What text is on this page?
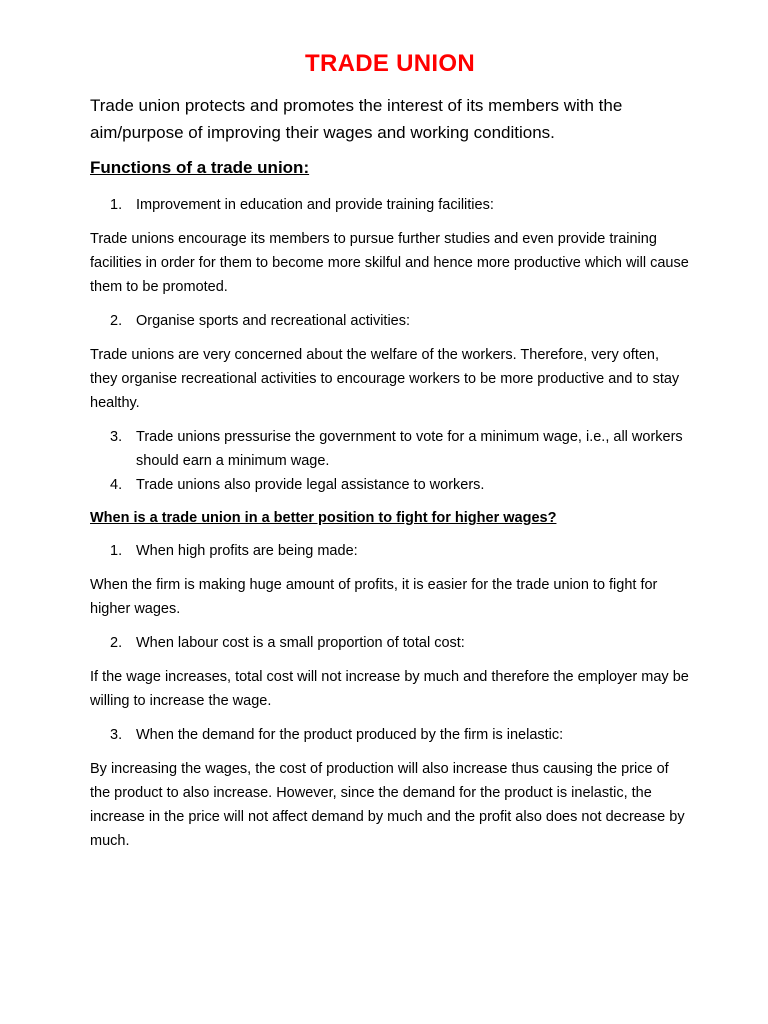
TRADE UNION
Trade union protects and promotes the interest of its members with the aim/purpose of improving their wages and working conditions.
Functions of a trade union:
1. Improvement in education and provide training facilities:
Trade unions encourage its members to pursue further studies and even provide training facilities in order for them to become more skilful and hence more productive which will cause them to be promoted.
2. Organise sports and recreational activities:
Trade unions are very concerned about the welfare of the workers. Therefore, very often, they organise recreational activities to encourage workers to be more productive and to stay healthy.
3. Trade unions pressurise the government to vote for a minimum wage, i.e., all workers should earn a minimum wage.
4. Trade unions also provide legal assistance to workers.
When is a trade union in a better position to fight for higher wages?
1. When high profits are being made:
When the firm is making huge amount of profits, it is easier for the trade union to fight for higher wages.
2. When labour cost is a small proportion of total cost:
If the wage increases, total cost will not increase by much and therefore the employer may be willing to increase the wage.
3. When the demand for the product produced by the firm is inelastic:
By increasing the wages, the cost of production will also increase thus causing the price of the product to also increase. However, since the demand for the product is inelastic, the increase in the price will not affect demand by much and the profit also does not decrease by much.
